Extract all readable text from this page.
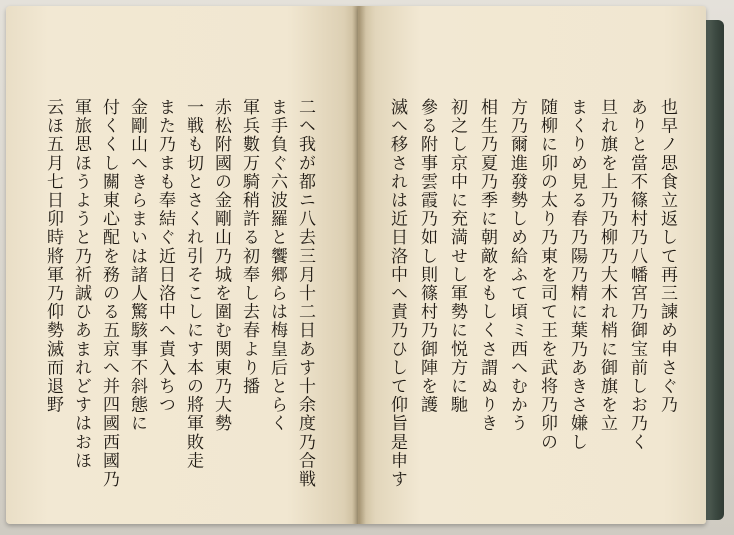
二ヘ我が都ニ八去三月十二日あす十余度乃合戦
ま手負ぐ六波羅と饗郷らは梅皇后とらく
軍兵數万騎稍許る初奉し去春より播
赤松附國の金剛山乃城を圍む関東乃大勢
一戦も切とさくれ引そこしにす本の將軍敗走
また乃まも奉結ぐ近日洛中へ責入ちつ
金剛山へきらまいは諸人驚駭事不斜態に
付くくし關東心配を務のる五京へ并四國西國乃
軍旅思ほうようと乃祈誠ひあまれどすはおほ
云ほ五月七日卯時將軍乃仰勢滅而退野	也早ノ思食立返して再三諫め申さぐ乃
ありと當不篠村乃八幡宮乃御宝前しお乃く
旦れ旗を上乃乃柳乃大木れ梢に御旗を立
まくりめ見る春乃陽乃精に葉乃あきさ嫌し
随柳に卯の太り乃東を司て王を武将乃卯の
方乃爾進發勢しめ給ふて頃ミ西へむかう
相生乃夏乃季に朝敵をもしくさ謂ぬりき
初之し京中に充満せし軍勢に悦方に馳
參る附事雲霞乃如し則篠村乃御陣を護
滅へ移されは近日洛中へ責乃ひして仰旨是申す
